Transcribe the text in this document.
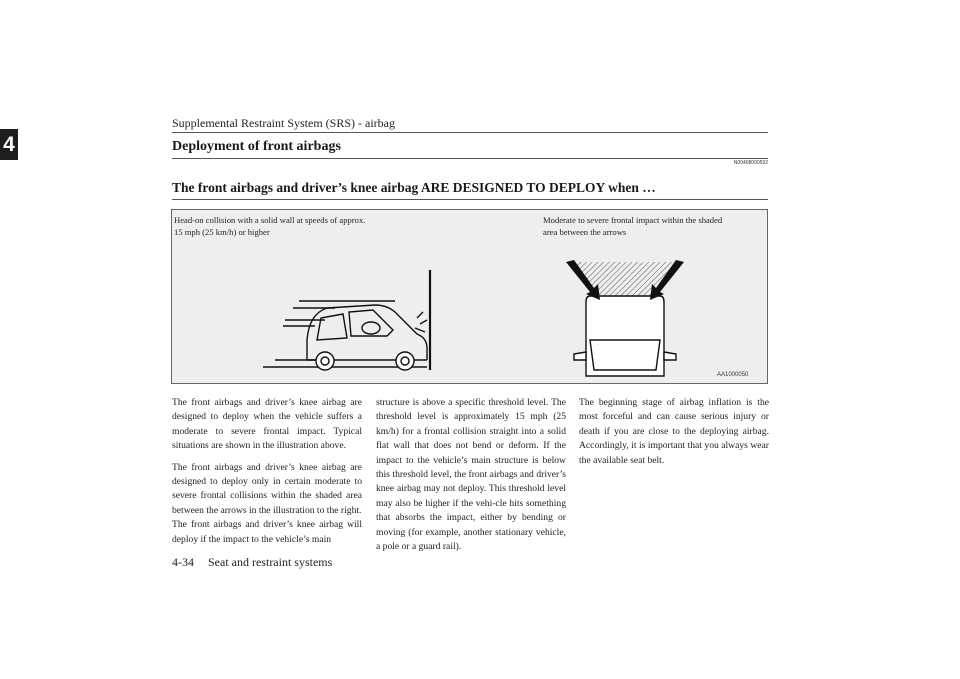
Supplemental Restraint System (SRS) - airbag
4	Deployment of front airbags
N00408000592
The front airbags and driver’s knee airbag ARE DESIGNED TO DEPLOY when …
Head-on collision with a solid wall at speeds of approx.
15 mph (25 km/h) or higher
Moderate to severe frontal impact within the shaded
area between the arrows
AA1000050

The front airbags and driver’s knee airbag are designed to deploy when the vehicle suffers a moderate to severe frontal impact. Typical situations are shown in the illustration above.

The front airbags and driver’s knee airbag are designed to deploy only in certain moderate to severe frontal collisions within the shaded area between the arrows in the illustration to the right.

The front airbags and driver’s knee airbag will deploy if the impact to the vehicle’s main

structure is above a specific threshold level. The threshold level is approximately 15 mph (25 km/h) for a frontal collision straight into a solid flat wall that does not bend or deform. If the impact to the vehicle’s main structure is below this threshold level, the front airbags and driver’s knee airbag may not deploy. This threshold level may also be higher if the vehi-cle hits something that absorbs the impact, either by bending or moving (for example, another stationary vehicle, a pole or a guard rail).

The beginning stage of airbag inflation is the most forceful and can cause serious injury or death if you are close to the deploying airbag. Accordingly, it is important that you always wear the available seat belt.

4-34 Seat and restraint systems
